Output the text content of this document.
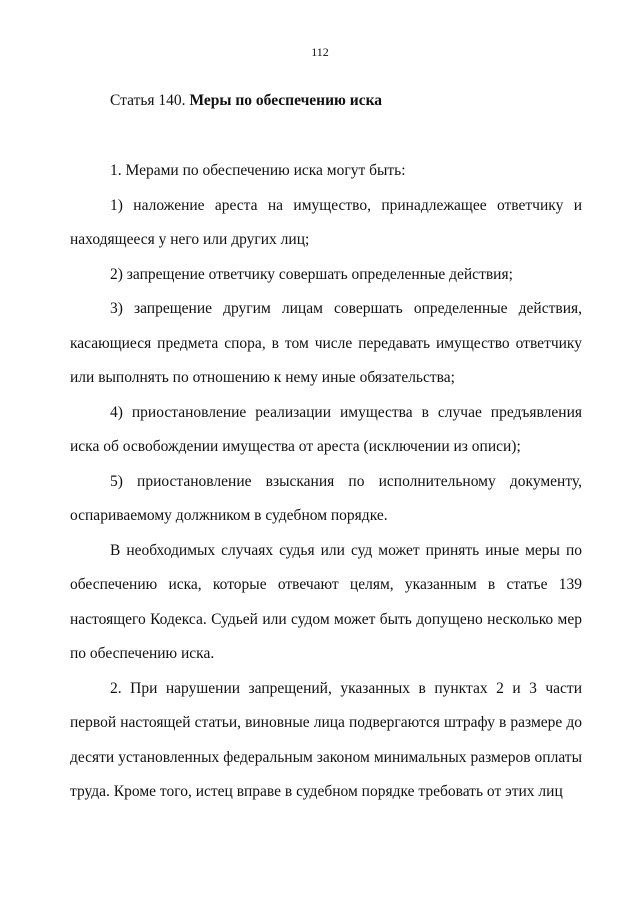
112
Статья 140. Меры по обеспечению иска

1. Мерами по обеспечению иска могут быть:

1) наложение ареста на имущество, принадлежащее ответчику и находящееся у него или других лиц;

2) запрещение ответчику совершать определенные действия;

3) запрещение другим лицам совершать определенные действия, касающиеся предмета спора, в том числе передавать имущество ответчику или выполнять по отношению к нему иные обязательства;

4) приостановление реализации имущества в случае предъявления иска об освобождении имущества от ареста (исключении из описи);

5) приостановление взыскания по исполнительному документу, оспариваемому должником в судебном порядке.

В необходимых случаях судья или суд может принять иные меры по обеспечению иска, которые отвечают целям, указанным в статье 139 настоящего Кодекса. Судьей или судом может быть допущено несколько мер по обеспечению иска.

2. При нарушении запрещений, указанных в пунктах 2 и 3 части первой настоящей статьи, виновные лица подвергаются штрафу в размере до десяти установленных федеральным законом минимальных размеров оплаты труда. Кроме того, истец вправе в судебном порядке требовать от этих лиц
